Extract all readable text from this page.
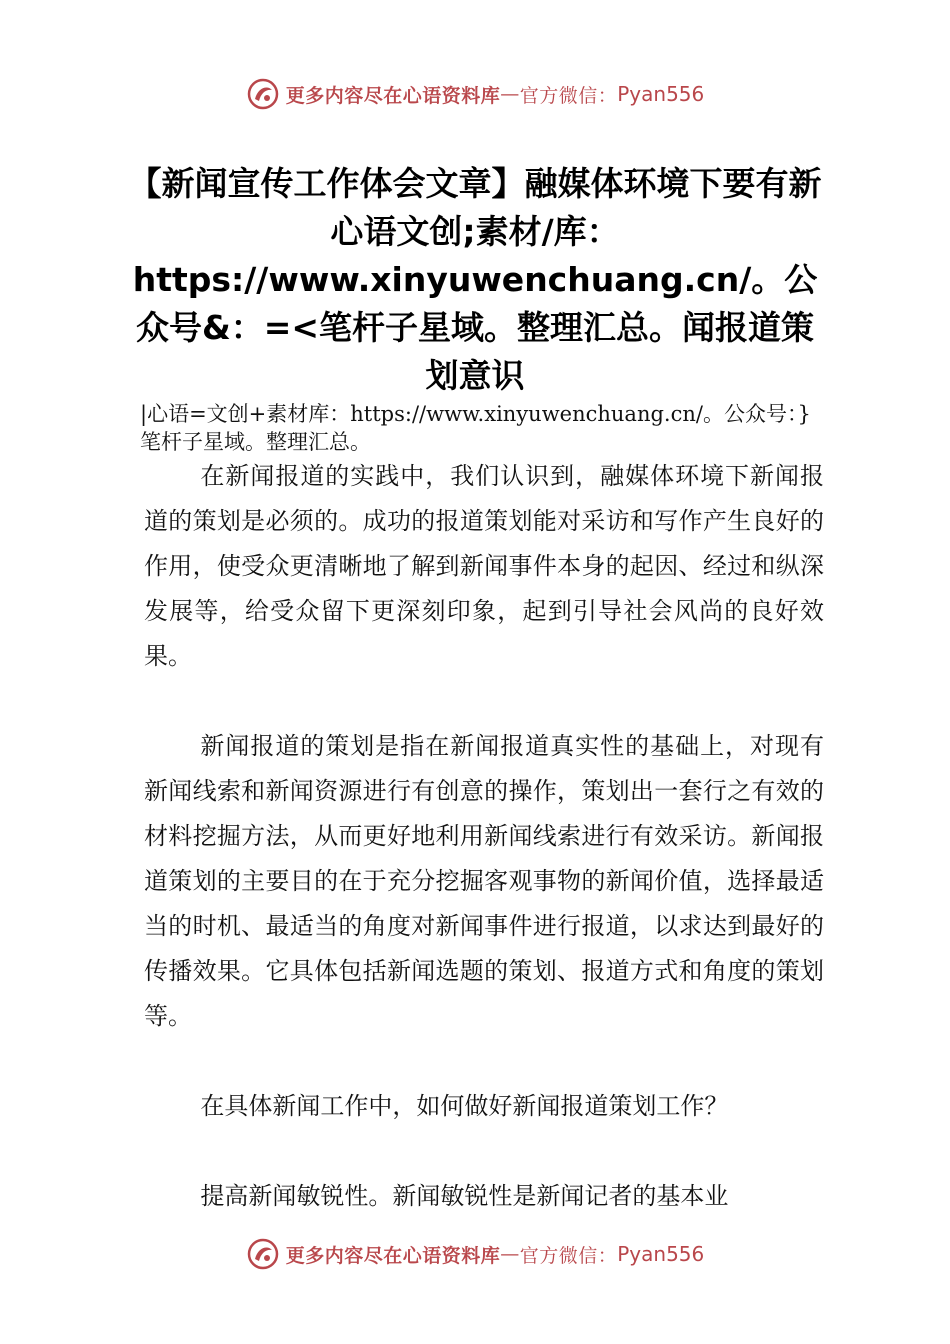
更多内容尽在心语资料库 — 官方微信： Pyan556
【新闻宣传工作体会文章】融媒体环境下要有新心语文创;素材/库：https://www.xinyuwenchuang.cn/。公众号&：=<笔杆子星域。整理汇总。闻报道策划意识

|心语=文创+素材库：https://www.xinyuwenchuang.cn/。公众号：}笔杆子星域。整理汇总。

在新闻报道的实践中，我们认识到，融媒体环境下新闻报道的策划是必须的。成功的报道策划能对采访和写作产生良好的作用，使受众更清晰地了解到新闻事件本身的起因、经过和纵深发展等，给受众留下更深刻印象，起到引导社会风尚的良好效果。

新闻报道的策划是指在新闻报道真实性的基础上，对现有新闻线索和新闻资源进行有创意的操作，策划出一套行之有效的材料挖掘方法，从而更好地利用新闻线索进行有效采访。新闻报道策划的主要目的在于充分挖掘客观事物的新闻价值，选择最适当的时机、最适当的角度对新闻事件进行报道，以求达到最好的传播效果。它具体包括新闻选题的策划、报道方式和角度的策划等。

在具体新闻工作中，如何做好新闻报道策划工作？

提高新闻敏锐性。新闻敏锐性是新闻记者的基本业

更多内容尽在心语资料库 — 官方微信： Pyan556
